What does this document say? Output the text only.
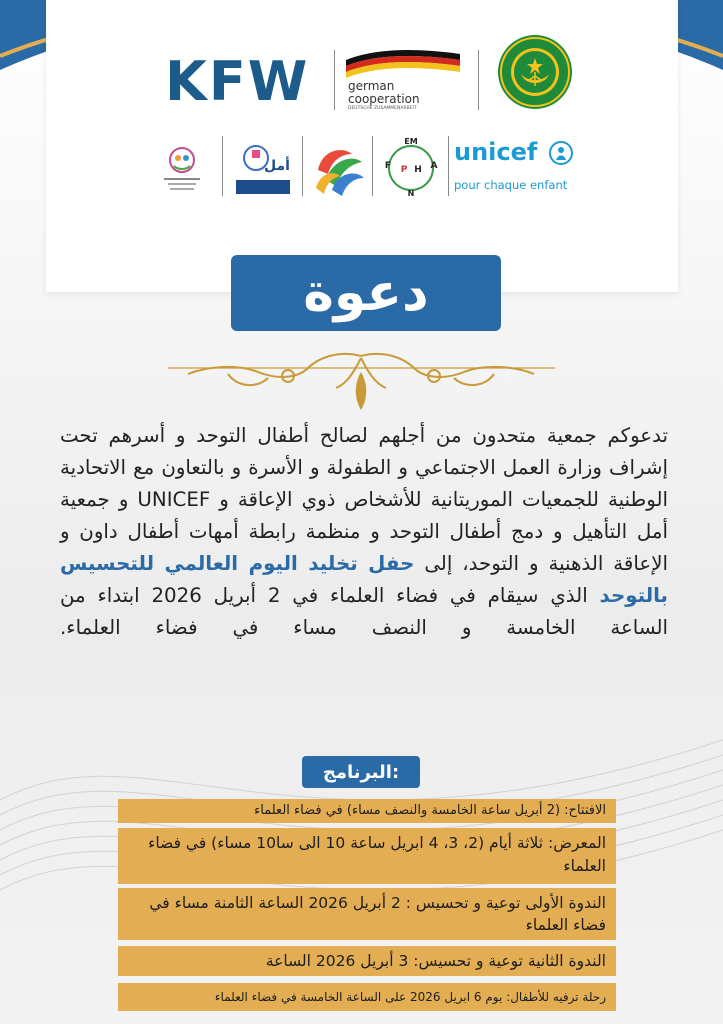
KFW	german
cooperation
DEUTSCHE ZUSAMMENARBEIT
أمل
EM
F P H A
N
unicef
pour chaque enfant
دعوة
تدعوكم جمعية متحدون من أجلهم لصالح أطفال التوحد و أسرهم تحت إشراف وزارة العمل الاجتماعي و الطفولة و الأسرة و بالتعاون مع الاتحادية الوطنية للجمعيات الموريتانية للأشخاص ذوي الإعاقة و UNICEF و جمعية أمل التأهيل و دمج أطفال التوحد و منظمة رابطة أمهات أطفال داون و الإعاقة الذهنية و التوحد، إلى حفل تخليد اليوم العالمي للتحسيس بالتوحد الذي سيقام في فضاء العلماء في 2 أبريل 2026 ابتداء من الساعة الخامسة و النصف مساء في فضاء العلماء.
البرنامج:
الافتتاح: (2 أبريل ساعة الخامسة والنصف مساء) في فضاء العلماء
المعرض: ثلاثة أيام (2، 3، 4 ابريل ساعة 10 الى سا10 مساء) في فضاء العلماء
الندوة الأولى توعية و تحسيس : 2 أبريل 2026 الساعة الثامنة مساء في فضاء العلماء
الندوة الثانية توعية و تحسيس: 3 أبريل 2026 الساعة
رحلة ترفيه للأطفال: يوم 6 ابريل 2026 على الساعة الخامسة في فضاء العلماء
